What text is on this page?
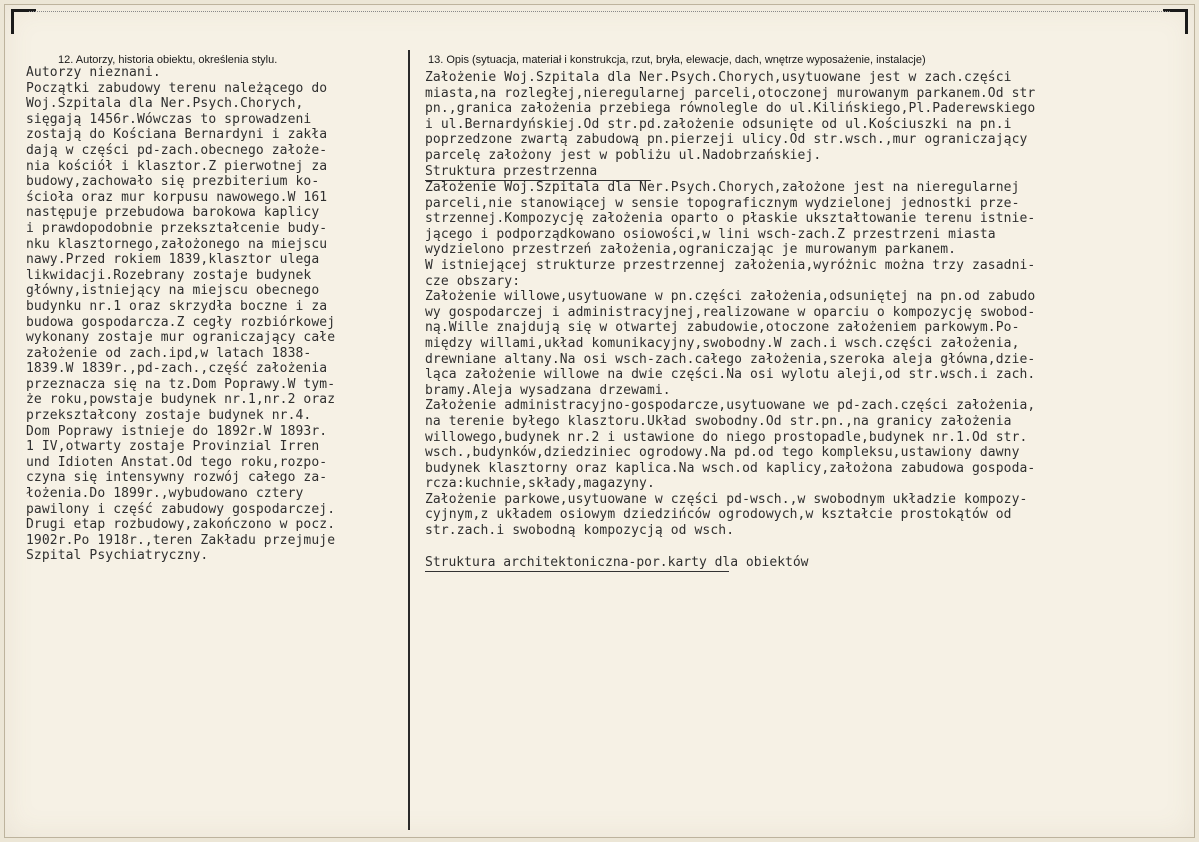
12. Autorzy, historia obiektu, określenia stylu.	13. Opis (sytuacja, materiał i konstrukcja, rzut, bryła, elewacje, dach, wnętrze wyposażenie, instalacje)
Autorzy nieznani.
Początki zabudowy terenu należącego do
Woj.Szpitala dla Ner.Psych.Chorych,
sięgają 1456r.Wówczas to sprowadzeni
zostają do Kościana Bernardyni i zakła
dają w części pd-zach.obecnego założe-
nia kościół i klasztor.Z pierwotnej za
budowy,zachowało się prezbiterium ko-
ścioła oraz mur korpusu nawowego.W 161
następuje przebudowa barokowa kaplicy
i prawdopodobnie przekształcenie budy-
nku klasztornego,założonego na miejscu
nawy.Przed rokiem 1839,klasztor ulega
likwidacji.Rozebrany zostaje budynek
główny,istniejący na miejscu obecnego
budynku nr.1 oraz skrzydła boczne i za
budowa gospodarcza.Z cegły rozbiórkowej
wykonany zostaje mur ograniczający całe
założenie od zach.ipd,w latach 1838-
1839.W 1839r.,pd-zach.,część założenia
przeznacza się na tz.Dom Poprawy.W tym-
że roku,powstaje budynek nr.1,nr.2 oraz
przekształcony zostaje budynek nr.4.
Dom Poprawy istnieje do 1892r.W 1893r.
1 IV,otwarty zostaje Provinzial Irren
und Idioten Anstat.Od tego roku,rozpo-
czyna się intensywny rozwój całego za-
łożenia.Do 1899r.,wybudowano cztery
pawilony i część zabudowy gospodarczej.
Drugi etap rozbudowy,zakończono w pocz.
1902r.Po 1918r.,teren Zakładu przejmuje
Szpital Psychiatryczny.
Założenie Woj.Szpitala dla Ner.Psych.Chorych,usytuowane jest w zach.części
miasta,na rozległej,nieregularnej parceli,otoczonej murowanym parkanem.Od str
pn.,granica założenia przebiega równolegle do ul.Kilińskiego,Pl.Paderewskiego
i ul.Bernardyńskiej.Od str.pd.założenie odsunięte od ul.Kościuszki na pn.i
poprzedzone zwartą zabudową pn.pierzeji ulicy.Od str.wsch.,mur ograniczający
parcelę założony jest w pobliżu ul.Nadobrzańskiej.
Struktura przestrzenna
Założenie Woj.Szpitala dla Ner.Psych.Chorych,założone jest na nieregularnej
parceli,nie stanowiącej w sensie topograficznym wydzielonej jednostki prze-
strzennej.Kompozycję założenia oparto o płaskie ukształtowanie terenu istnie-
jącego i podporządkowano osiowości,w lini wsch-zach.Z przestrzeni miasta
wydzielono przestrzeń założenia,ograniczając je murowanym parkanem.
W istniejącej strukturze przestrzennej założenia,wyróżnic można trzy zasadni-
cze obszary:
Założenie willowe,usytuowane w pn.części założenia,odsuniętej na pn.od zabudo
wy gospodarczej i administracyjnej,realizowane w oparciu o kompozycję swobod-
ną.Wille znajdują się w otwartej zabudowie,otoczone założeniem parkowym.Po-
między willami,układ komunikacyjny,swobodny.W zach.i wsch.części założenia,
drewniane altany.Na osi wsch-zach.całego założenia,szeroka aleja główna,dzie-
ląca założenie willowe na dwie części.Na osi wylotu aleji,od str.wsch.i zach.
bramy.Aleja wysadzana drzewami.
Założenie administracyjno-gospodarcze,usytuowane we pd-zach.części założenia,
na terenie byłego klasztoru.Układ swobodny.Od str.pn.,na granicy założenia
willowego,budynek nr.2 i ustawione do niego prostopadle,budynek nr.1.Od str.
wsch.,budynków,dziedziniec ogrodowy.Na pd.od tego kompleksu,ustawiony dawny
budynek klasztorny oraz kaplica.Na wsch.od kaplicy,założona zabudowa gospoda-
rcza:kuchnie,składy,magazyny.
Założenie parkowe,usytuowane w części pd-wsch.,w swobodnym układzie kompozy-
cyjnym,z układem osiowym dziedzińców ogrodowych,w kształcie prostokątów od
str.zach.i swobodną kompozycją od wsch.
Struktura architektoniczna-por.karty dla obiektów
